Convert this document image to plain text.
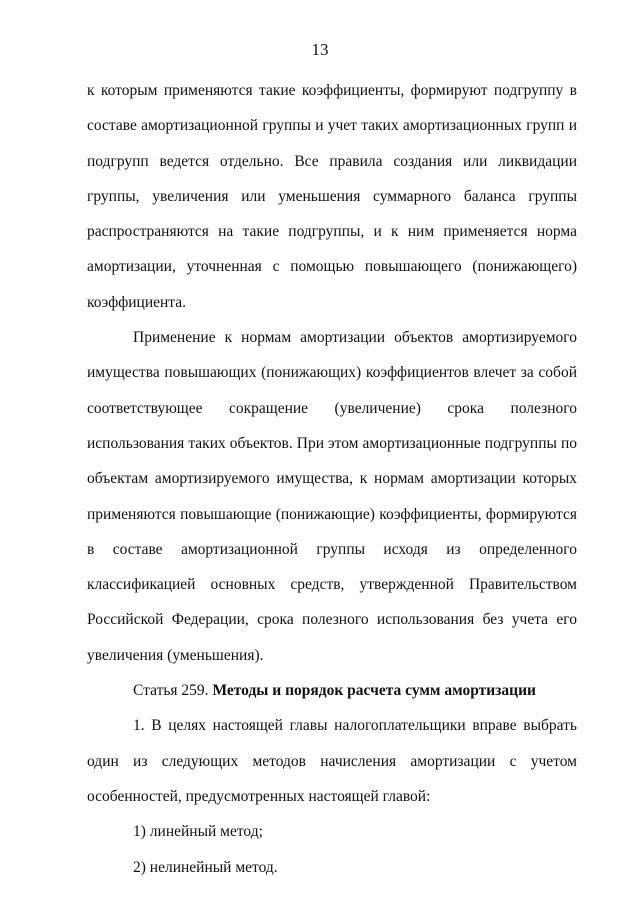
13

к которым применяются такие коэффициенты, формируют подгруппу в составе амортизационной группы и учет таких амортизационных групп и подгрупп ведется отдельно. Все правила создания или ликвидации группы, увеличения или уменьшения суммарного баланса группы распространяются на такие подгруппы, и к ним применяется норма амортизации, уточненная с помощью повышающего (понижающего) коэффициента.

Применение к нормам амортизации объектов амортизируемого имущества повышающих (понижающих) коэффициентов влечет за собой соответствующее сокращение (увеличение) срока полезного использования таких объектов. При этом амортизационные подгруппы по объектам амортизируемого имущества, к нормам амортизации которых применяются повышающие (понижающие) коэффициенты, формируются в составе амортизационной группы исходя из определенного классификацией основных средств, утвержденной Правительством Российской Федерации, срока полезного использования без учета его увеличения (уменьшения).

Статья 259. Методы и порядок расчета сумм амортизации

1. В целях настоящей главы налогоплательщики вправе выбрать один из следующих методов начисления амортизации с учетом особенностей, предусмотренных настоящей главой:

1) линейный метод;

2) нелинейный метод.
